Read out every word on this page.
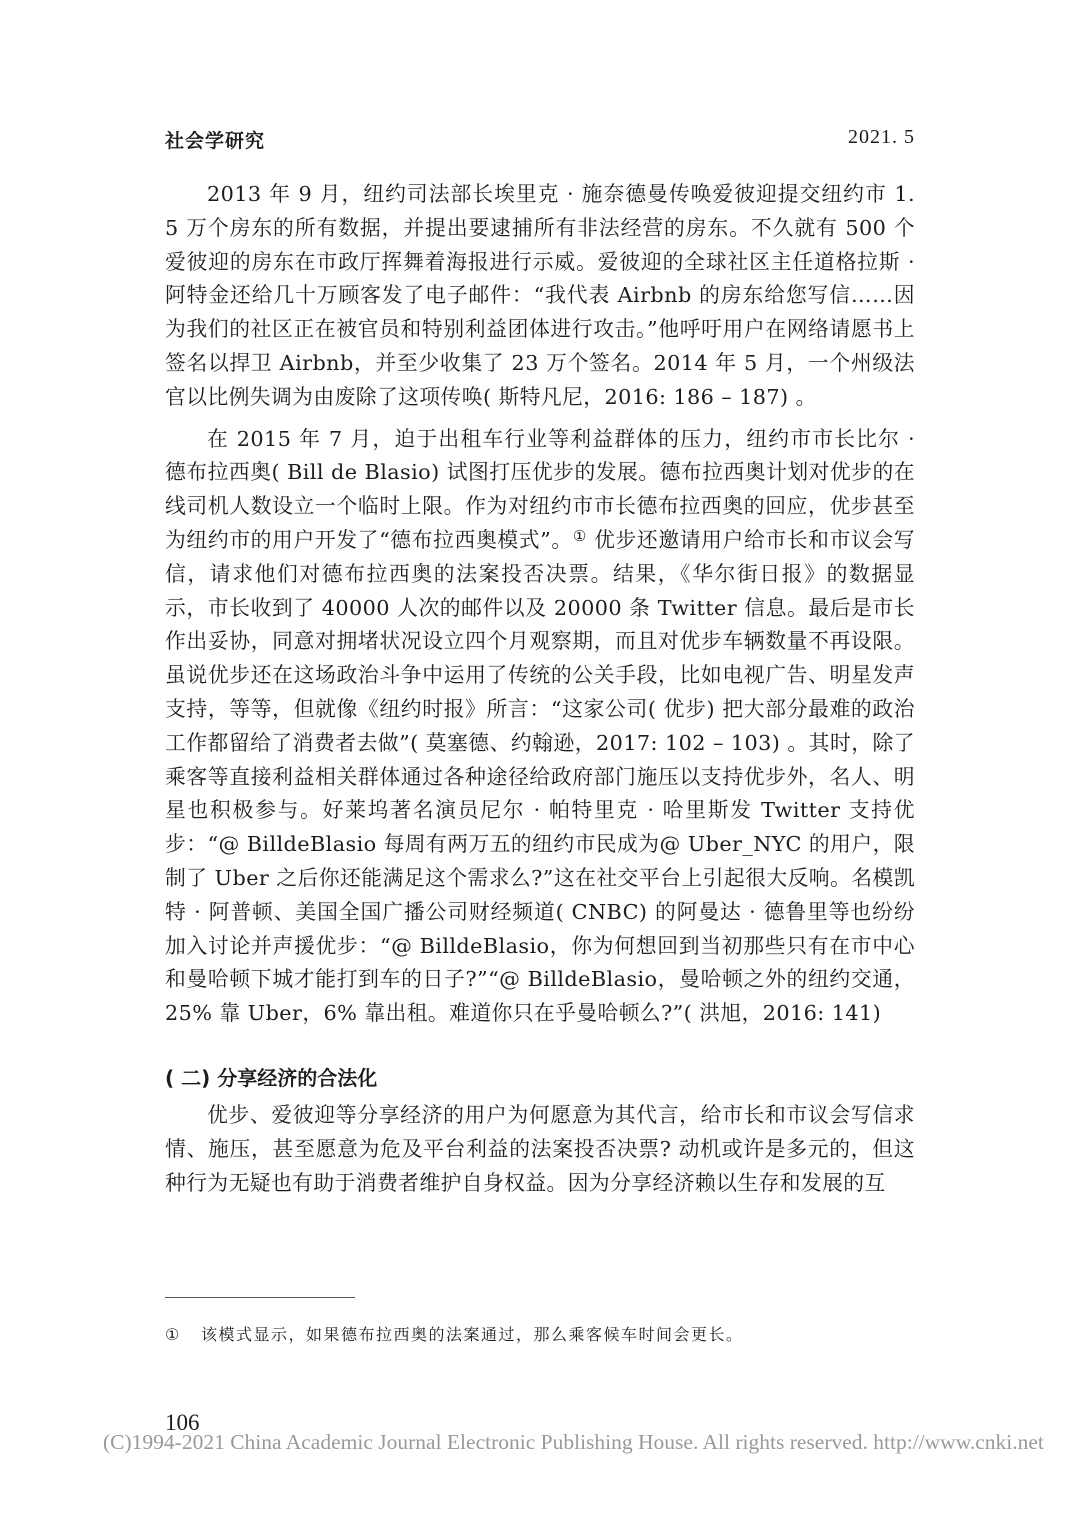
社会学研究	2021. 5

2013 年 9 月，纽约司法部长埃里克 · 施奈德曼传唤爱彼迎提交纽约市 1. 5 万个房东的所有数据，并提出要逮捕所有非法经营的房东。不久就有 500 个爱彼迎的房东在市政厅挥舞着海报进行示威。爱彼迎的全球社区主任道格拉斯 · 阿特金还给几十万顾客发了电子邮件：“我代表 Airbnb 的房东给您写信……因为我们的社区正在被官员和特别利益团体进行攻击。”他呼吁用户在网络请愿书上签名以捍卫 Airbnb，并至少收集了 23 万个签名。2014 年 5 月，一个州级法官以比例失调为由废除了这项传唤( 斯特凡尼，2016: 186 – 187) 。

在 2015 年 7 月，迫于出租车行业等利益群体的压力，纽约市市长比尔 · 德布拉西奥( Bill de Blasio) 试图打压优步的发展。德布拉西奥计划对优步的在线司机人数设立一个临时上限。作为对纽约市市长德布拉西奥的回应，优步甚至为纽约市的用户开发了“德布拉西奥模式”。① 优步还邀请用户给市长和市议会写信，请求他们对德布拉西奥的法案投否决票。结果，《华尔街日报》的数据显示，市长收到了 40000 人次的邮件以及 20000 条 Twitter 信息。最后是市长作出妥协，同意对拥堵状况设立四个月观察期，而且对优步车辆数量不再设限。虽说优步还在这场政治斗争中运用了传统的公关手段，比如电视广告、明星发声支持，等等，但就像《纽约时报》所言：“这家公司( 优步) 把大部分最难的政治工作都留给了消费者去做”( 莫塞德、约翰逊，2017: 102 – 103) 。其时，除了乘客等直接利益相关群体通过各种途径给政府部门施压以支持优步外，名人、明星也积极参与。好莱坞著名演员尼尔 · 帕特里克 · 哈里斯发 Twitter 支持优步：“@ BilldeBlasio 每周有两万五的纽约市民成为@ Uber_NYC 的用户，限制了 Uber 之后你还能满足这个需求么?”这在社交平台上引起很大反响。名模凯特 · 阿普顿、美国全国广播公司财经频道( CNBC) 的阿曼达 · 德鲁里等也纷纷加入讨论并声援优步：“@ BilldeBlasio，你为何想回到当初那些只有在市中心和曼哈顿下城才能打到车的日子?”“@ BilldeBlasio，曼哈顿之外的纽约交通，25% 靠 Uber，6% 靠出租。难道你只在乎曼哈顿么?”( 洪旭，2016: 141)

( 二) 分享经济的合法化

优步、爱彼迎等分享经济的用户为何愿意为其代言，给市长和市议会写信求情、施压，甚至愿意为危及平台利益的法案投否决票? 动机或许是多元的，但这种行为无疑也有助于消费者维护自身权益。因为分享经济赖以生存和发展的互

① 该模式显示，如果德布拉西奥的法案通过，那么乘客候车时间会更长。
106
(C)1994-2021 China Academic Journal Electronic Publishing House. All rights reserved. http://www.cnki.net
